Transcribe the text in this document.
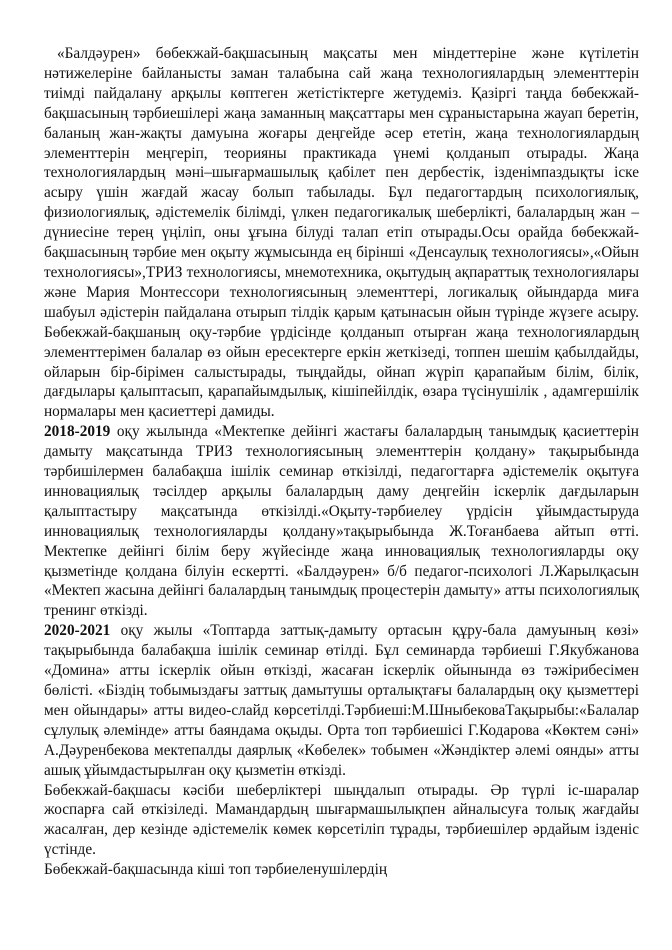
«Балдәурен» бөбекжай-бақшасының мақсаты мен міндеттеріне және күтілетін нәтижелеріне байланысты заман талабына сай жаңа технологиялардың элементтерін тиімді пайдалану арқылы көптеген жетістіктерге жетудеміз. Қазіргі таңда бөбекжай-бақшасының тәрбиешілері жаңа заманның мақсаттары мен сұраныстарына жауап беретін, баланың жан-жақты дамуына жоғары деңгейде әсер ететін, жаңа технологиялардың элементтерін меңгеріп, теорияны практикада үнемі қолданып отырады. Жаңа технологиялардың мәні–шығармашылық қабілет пен дербестік, ізденімпаздықты іске асыру үшін жағдай жасау болып табылады. Бұл педагогтардың психологиялық, физиологиялық, әдістемелік білімді, үлкен педагогикалық шеберлікті, балалардың жан – дүниесіне терең үңіліп, оны ұғына білуді талап етіп отырады.Осы орайда бөбекжай- бақшасының тәрбие мен оқыту жұмысында ең бірінші «Денсаулық технологиясы»,«Ойын технологиясы»,ТРИЗ технологиясы, мнемотехника, оқытудың ақпараттық технологиялары және Мария Монтессори технологиясының элементтері, логикалық ойындарда миға шабуыл әдістерін пайдалана отырып тілдік қарым қатынасын ойын түрінде жүзеге асыру. Бөбекжай-бақшаның оқу-тәрбие үрдісінде қолданып отырған жаңа технологиялардың элементтерімен балалар өз ойын ересектерге еркін жеткізеді, топпен шешім қабылдайды, ойларын бір-бірімен салыстырады, тыңдайды, ойнап жүріп қарапайым білім, білік, дағдылары қалыптасып, қарапайымдылық, кішіпейілдік, өзара түсінушілік , адамгершілік нормалары мен қасиеттері дамиды.

2018-2019 оқу жылында «Мектепке дейінгі жастағы балалардың танымдық қасиеттерін дамыту мақсатында ТРИЗ технологиясының элементтерін қолдану» тақырыбында тәрбишілермен балабақша ішілік семинар өткізілді, педагогтарға әдістемелік оқытуға инновациялық тәсілдер арқылы балалардың даму деңгейін іскерлік дағдыларын қалыптастыру мақсатында өткізілді.«Оқыту-тәрбиелеу үрдісін ұйымдастыруда инновациялық технологияларды қолдану»тақырыбында Ж.Тоғанбаева айтып өтті. Мектепке дейінгі білім беру жүйесінде жаңа инновациялық технологияларды оқу қызметінде қолдана білуін ескертті. «Балдәурен» б/б педагог-психологі Л.Жарылқасын «Мектеп жасына дейінгі балалардың танымдық процестерін дамыту» атты психологиялық тренинг өткізді.

2020-2021 оқу жылы «Топтарда заттық-дамыту ортасын құру-бала дамуының көзі» тақырыбында балабақша ішілік семинар өтілді. Бұл семинарда тәрбиеші Г.Якубжанова «Домина» атты іскерлік ойын өткізді, жасаған іскерлік ойынында өз тәжірибесімен бөлісті. «Біздің тобымыздағы заттық дамытушы орталықтағы балалардың оқу қызметтері мен ойындары» атты видео-слайд көрсетілді.Тәрбиеші:М.ШныбековаТақырыбы:«Балалар сұлулық әлемінде» атты баяндама оқыды. Орта топ тәрбиешісі Г.Кодарова «Көктем сәні» А.Дәуренбекова мектепалды даярлық «Көбелек» тобымен «Жәндіктер әлемі оянды» атты ашық ұйымдастырылған оқу қызметін өткізді.

Бөбекжай-бақшасы кәсіби шеберліктері шыңдалып отырады. Әр түрлі іс-шаралар жоспарға сай өткізіледі. Мамандардың шығармашылықпен айналысуға толық жағдайы жасалған, дер кезінде әдістемелік көмек көрсетіліп тұрады, тәрбиешілер әрдайым ізденіс үстінде.

Бөбекжай-бақшасында кіші топ тәрбиеленушілердің
